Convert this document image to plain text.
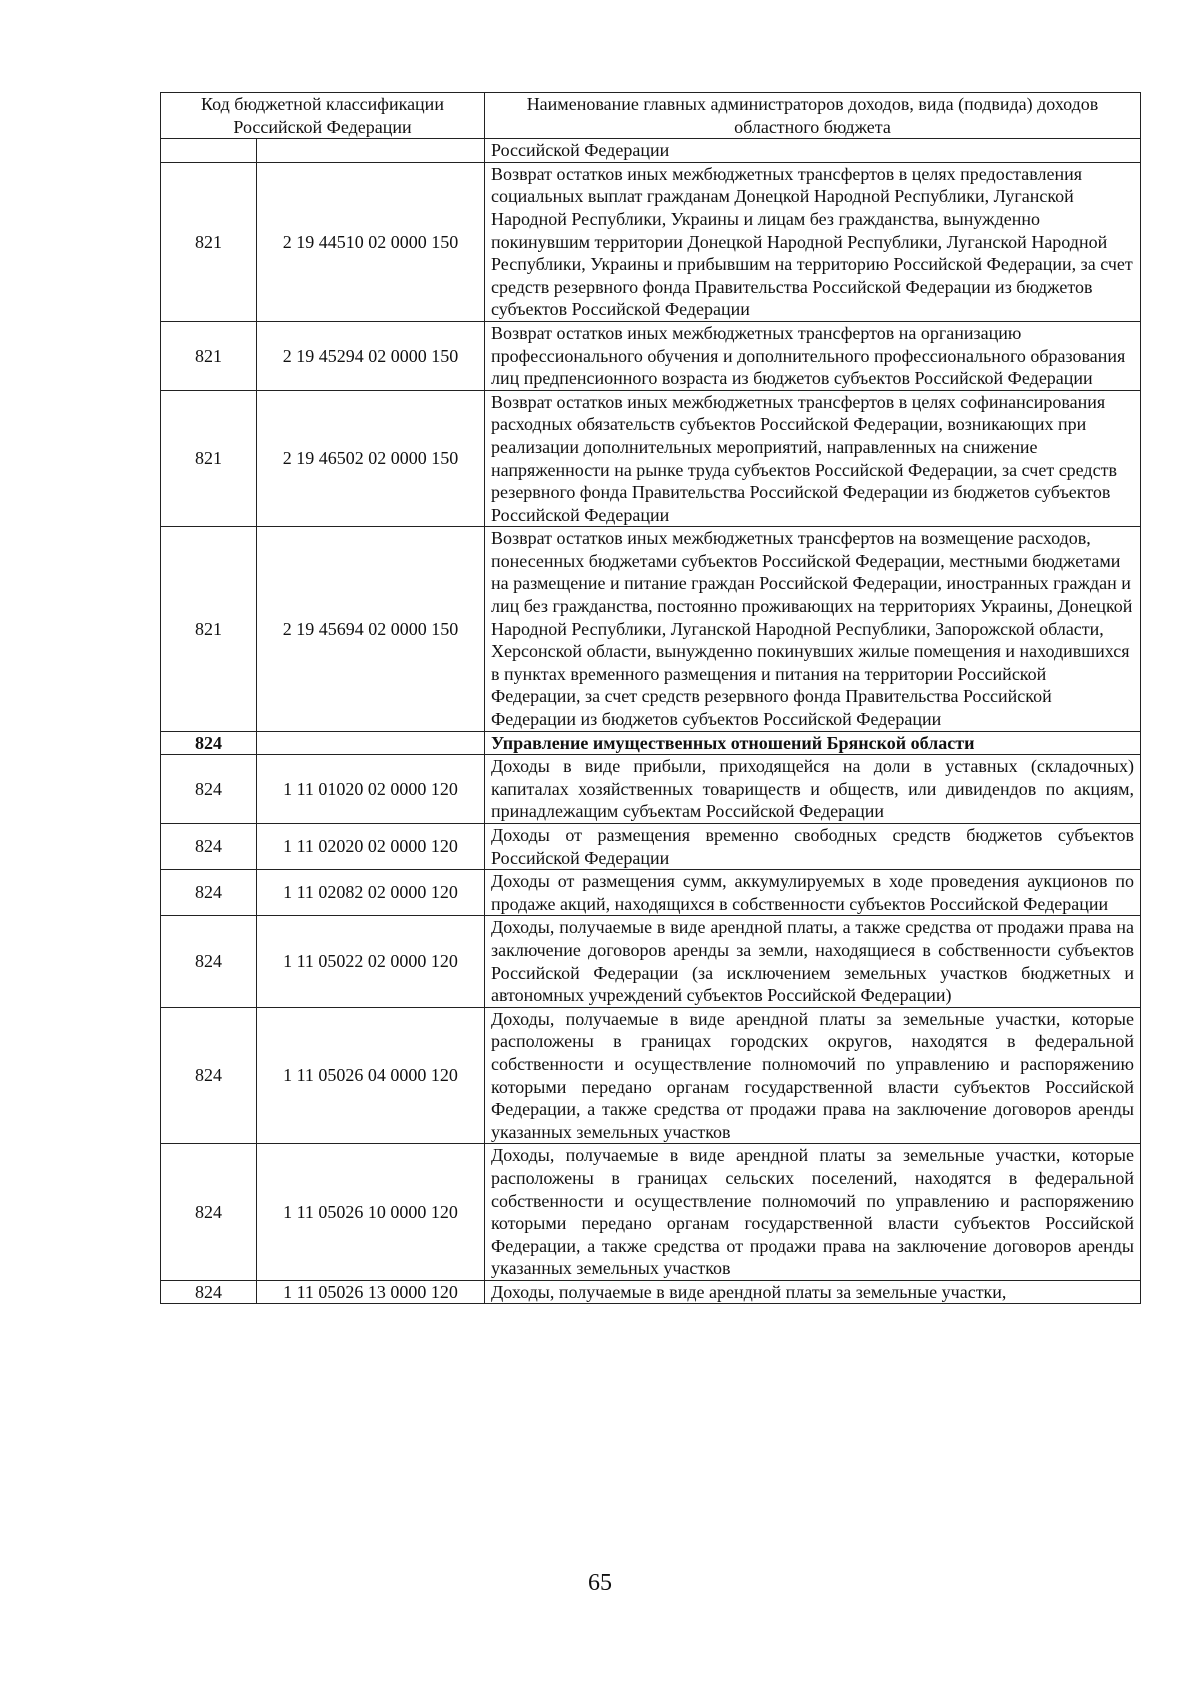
Код бюджетной классификации Российской Федерации		Наименование главных администраторов доходов, вида (подвида) доходов областного бюджета
		Российской Федерации
821	2 19 44510 02 0000 150	Возврат остатков иных межбюджетных трансфертов в целях предоставления социальных выплат гражданам Донецкой Народной Республики, Луганской Народной Республики, Украины и лицам без гражданства, вынужденно покинувшим территории Донецкой Народной Республики, Луганской Народной Республики, Украины и прибывшим на территорию Российской Федерации, за счет средств резервного фонда Правительства Российской Федерации из бюджетов субъектов Российской Федерации
821	2 19 45294 02 0000 150	Возврат остатков иных межбюджетных трансфертов на организацию профессионального обучения и дополнительного профессионального образования лиц предпенсионного возраста из бюджетов субъектов Российской Федерации
821	2 19 46502 02 0000 150	Возврат остатков иных межбюджетных трансфертов в целях софинансирования расходных обязательств субъектов Российской Федерации, возникающих при реализации дополнительных мероприятий, направленных на снижение напряженности на рынке труда субъектов Российской Федерации, за счет средств резервного фонда Правительства Российской Федерации из бюджетов субъектов Российской Федерации
821	2 19 45694 02 0000 150	Возврат остатков иных межбюджетных трансфертов на возмещение расходов, понесенных бюджетами субъектов Российской Федерации, местными бюджетами на размещение и питание граждан Российской Федерации, иностранных граждан и лиц без гражданства, постоянно проживающих на территориях Украины, Донецкой Народной Республики, Луганской Народной Республики, Запорожской области, Херсонской области, вынужденно покинувших жилые помещения и находившихся в пунктах временного размещения и питания на территории Российской Федерации, за счет средств резервного фонда Правительства Российской Федерации из бюджетов субъектов Российской Федерации
824		Управление имущественных отношений Брянской области
824	1 11 01020 02 0000 120	Доходы в виде прибыли, приходящейся на доли в уставных (складочных) капиталах хозяйственных товариществ и обществ, или дивидендов по акциям, принадлежащим субъектам Российской Федерации
824	1 11 02020 02 0000 120	Доходы от размещения временно свободных средств бюджетов субъектов Российской Федерации
824	1 11 02082 02 0000 120	Доходы от размещения сумм, аккумулируемых в ходе проведения аукционов по продаже акций, находящихся в собственности субъектов Российской Федерации
824	1 11 05022 02 0000 120	Доходы, получаемые в виде арендной платы, а также средства от продажи права на заключение договоров аренды за земли, находящиеся в собственности субъектов Российской Федерации (за исключением земельных участков бюджетных и автономных учреждений субъектов Российской Федерации)
824	1 11 05026 04 0000 120	Доходы, получаемые в виде арендной платы за земельные участки, которые расположены в границах городских округов, находятся в федеральной собственности и осуществление полномочий по управлению и распоряжению которыми передано органам государственной власти субъектов Российской Федерации, а также средства от продажи права на заключение договоров аренды указанных земельных участков
824	1 11 05026 10 0000 120	Доходы, получаемые в виде арендной платы за земельные участки, которые расположены в границах сельских поселений, находятся в федеральной собственности и осуществление полномочий по управлению и распоряжению которыми передано органам государственной власти субъектов Российской Федерации, а также средства от продажи права на заключение договоров аренды указанных земельных участков
824	1 11 05026 13 0000 120	Доходы, получаемые в виде арендной платы за земельные участки,
65
